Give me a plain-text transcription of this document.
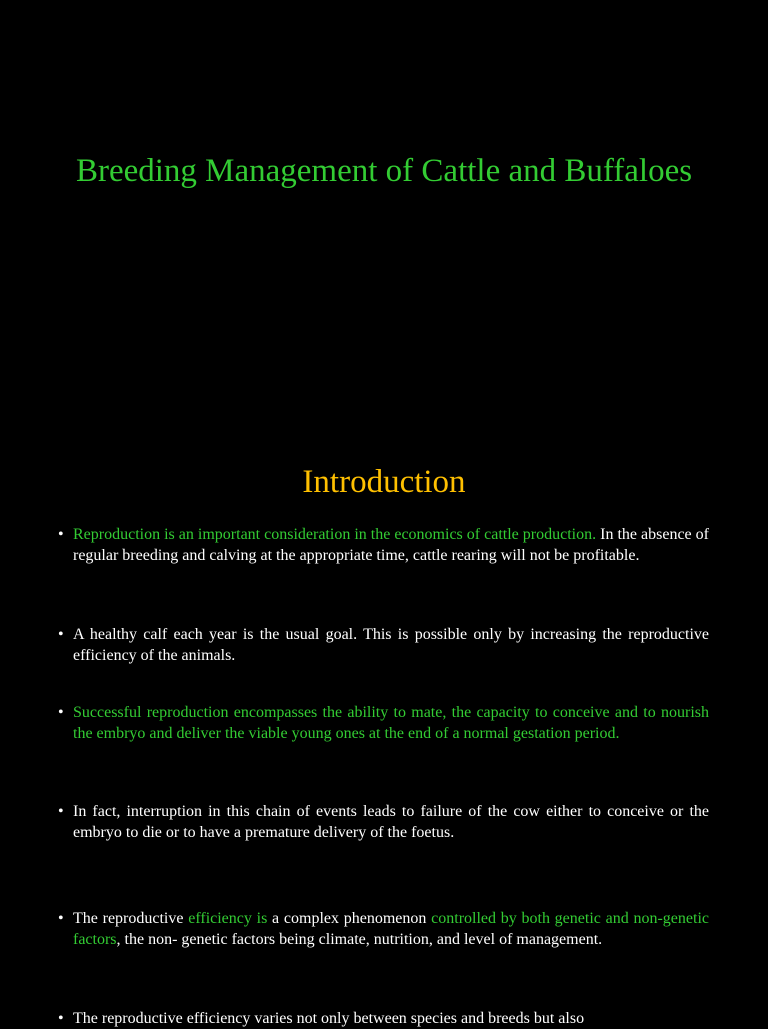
Breeding Management of Cattle and Buffaloes
Introduction
• Reproduction is an important consideration in the economics of cattle production. In the absence of regular breeding and calving at the appropriate time, cattle rearing will not be profitable.
• A healthy calf each year is the usual goal. This is possible only by increasing the reproductive efficiency of the animals.
• Successful reproduction encompasses the ability to mate, the capacity to conceive and to nourish the embryo and deliver the viable young ones at the end of a normal gestation period.
• In fact, interruption in this chain of events leads to failure of the cow either to conceive or the embryo to die or to have a premature delivery of the foetus.
• The reproductive efficiency is a complex phenomenon controlled by both genetic and non-genetic factors, the non- genetic factors being climate, nutrition, and level of management.
• The reproductive efficiency varies not only between species and breeds but also
